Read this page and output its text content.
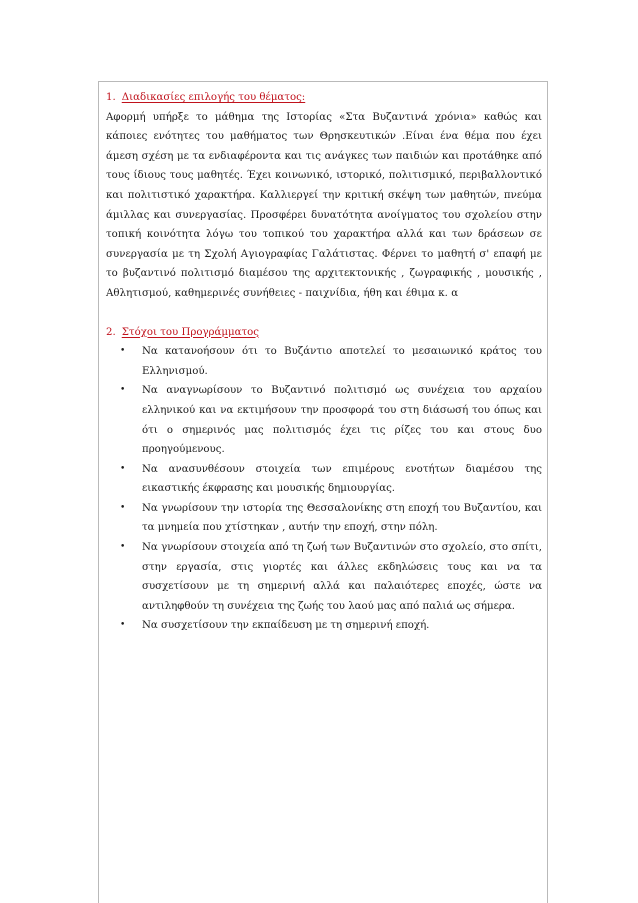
1. Διαδικασίες επιλογής του θέματος:

Αφορμή υπήρξε το μάθημα της Ιστορίας «Στα Βυζαντινά χρόνια» καθώς και κάποιες ενότητες του μαθήματος των Θρησκευτικών .Είναι ένα θέμα που έχει άμεση σχέση με τα ενδιαφέροντα και τις ανάγκες των παιδιών και προτάθηκε από τους ίδιους τους μαθητές. Έχει κοινωνικό, ιστορικό, πολιτισμικό, περιβαλλοντικό και πολιτιστικό χαρακτήρα. Καλλιεργεί την κριτική σκέψη των μαθητών, πνεύμα άμιλλας και συνεργασίας. Προσφέρει δυνατότητα ανοίγματος του σχολείου στην τοπική κοινότητα λόγω του τοπικού του χαρακτήρα αλλά και των δράσεων σε συνεργασία με τη Σχολή Αγιογραφίας Γαλάτιστας. Φέρνει το μαθητή σ' επαφή με το βυζαντινό πολιτισμό διαμέσου της αρχιτεκτονικής , ζωγραφικής , μουσικής , Αθλητισμού, καθημερινές συνήθειες - παιχνίδια, ήθη και έθιμα κ. α

2. Στόχοι του Προγράμματος

• Να κατανοήσουν ότι το Βυζάντιο αποτελεί το μεσαιωνικό κράτος του Ελληνισμού.
• Να αναγνωρίσουν το Βυζαντινό πολιτισμό ως συνέχεια του αρχαίου ελληνικού και να εκτιμήσουν την προσφορά του στη διάσωσή του όπως και ότι ο σημερινός μας πολιτισμός έχει τις ρίζες του και στους δυο προηγούμενους.
• Να ανασυνθέσουν στοιχεία των επιμέρους ενοτήτων διαμέσου της εικαστικής έκφρασης και μουσικής δημιουργίας.
• Να γνωρίσουν την ιστορία της Θεσσαλονίκης στη εποχή του Βυζαντίου, και τα μνημεία που χτίστηκαν , αυτήν την εποχή, στην πόλη.
• Να γνωρίσουν στοιχεία από τη ζωή των Βυζαντινών στο σχολείο, στο σπίτι, στην εργασία, στις γιορτές και άλλες εκδηλώσεις τους και να τα συσχετίσουν με τη σημερινή αλλά και παλαιότερες εποχές, ώστε να αντιληφθούν τη συνέχεια της ζωής του λαού μας από παλιά ως σήμερα.
• Να συσχετίσουν την εκπαίδευση με τη σημερινή εποχή.
